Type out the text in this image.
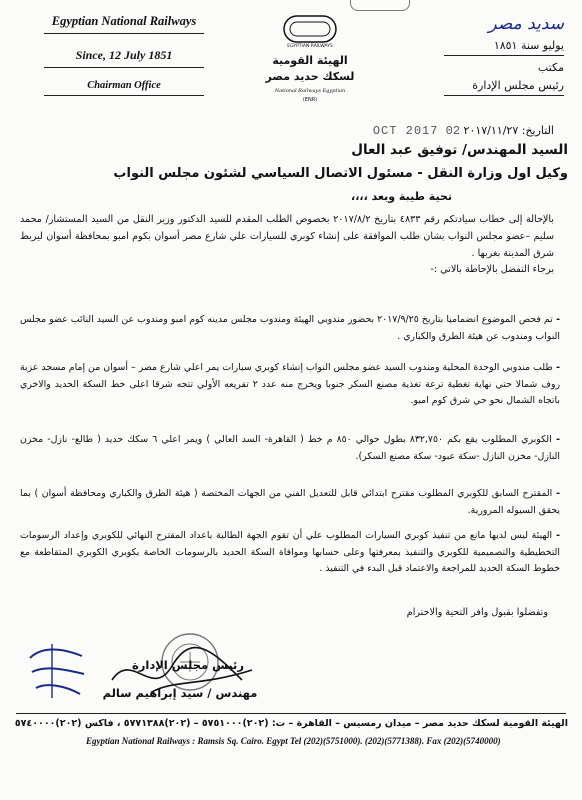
Egyptian National Railways
Since, 12 July 1851
Chairman Office
EGYPTIAN RAILWAYS
الهيئة القومية
لسكك حديد مصر
National Railways Egyptian
(ENR)
سديد مصر
يوليو سنة ١٨٥١
مكتب
رئيس مجلس الإدارة
التاريخ: ٢٠١٧/١١/٢٧ 02 OCT 2017
السيد المهندس/ توفيق عبد العال
وكيل اول وزارة النقل - مسئول الاتصال السياسي لشئون مجلس النواب
تحية طيبة وبعد ،،،،
بالإحالة إلى خطاب سيادتكم رقم ٤٨٣٣ بتاريخ ٢٠١٧/٨/٢ بخصوص الطلب المقدم للسيد الدكتور وزير النقل من السيد المستشار/ محمد سليم –عضو مجلس النواب بشان طلب الموافقة على إنشاء كوبري للسيارات علي شارع مصر أسوان بكوم امبو بمحافظة أسوان ليربط شرق المدينة بغربها .
برجاء التفضل بالإحاطة بالاتي :-
- تم فحص الموضوع انضماميا بتاريخ ٢٠١٧/٩/٢٥ بحضور مندوبي الهيئة ومندوب مجلس مدينه كوم امبو ومندوب عن السيد النائب عضو مجلس النواب ومندوب عن هيئة الطرق والكباري .
- طلب مندوبي الوحدة المحلية ومندوب السيد عضو مجلس النواب إنشاء كوبري سيارات يمر اعلي شارع مصر – أسوان من إمام مسجد عزبة روف شمالا حتي نهاية تغطية ترعة تغذية مصنع السكر جنوبا ويخرج منه عدد ٢ تفريعه الأولي تتجه شرقا اعلى خط السكة الحديد والاخري باتجاه الشمال نحو حي شرق كوم امبو.
- الكوبري المطلوب يقع بكم ٨٣٢,٧٥٠ بطول حوالي ٨٥٠ م خط ( القاهرة- السد العالي ) ويمر اعلي ٦ سكك حديد ( طالع- نازل- مخزن النازل- مخزن النازل -سكة عبود- سكة مصنع السكر).
- المقترح السابق للكوبري المطلوب مقترح ابتدائي قابل للتعديل الفني من الجهات المختصة ( هيئة الطرق والكباري ومحافظة أسوان ) بما يحقق السيوله المرورية.
- الهيئة ليس لديها مانع من تنفيذ كوبري السيارات المطلوب علي أن تقوم الجهة الطالبة باعداد المقترح النهائي للكوبري وإعداد الرسومات التخطيطية والتصميمية للكوبري والتنفيذ بمعرفتها وعلى حسابها وموافاة السكة الحديد بالرسومات الخاصة بكوبري الكوبري المتقاطعة مع خطوط السكة الحديد للمراجعة والاعتماد قبل البدء في التنفيذ .
وتفضلوا بقبول وافر التحية والاحترام
رئيس مجلس الإدارة
مهندس / سيد إبراهيم سالم
الهيئة القومية لسكك حديد مصر – ميدان رمسيس – القاهرة – ت: (٢٠٢)٥٧٥١٠٠٠ – (٢٠٢)٥٧٧١٣٨٨ ، فاكس (٢٠٢)٥٧٤٠٠٠٠
Egyptian National Railways : Ramsis Sq. Cairo. Egypt Tel (202)(5751000). (202)(5771388). Fax (202)(5740000)
